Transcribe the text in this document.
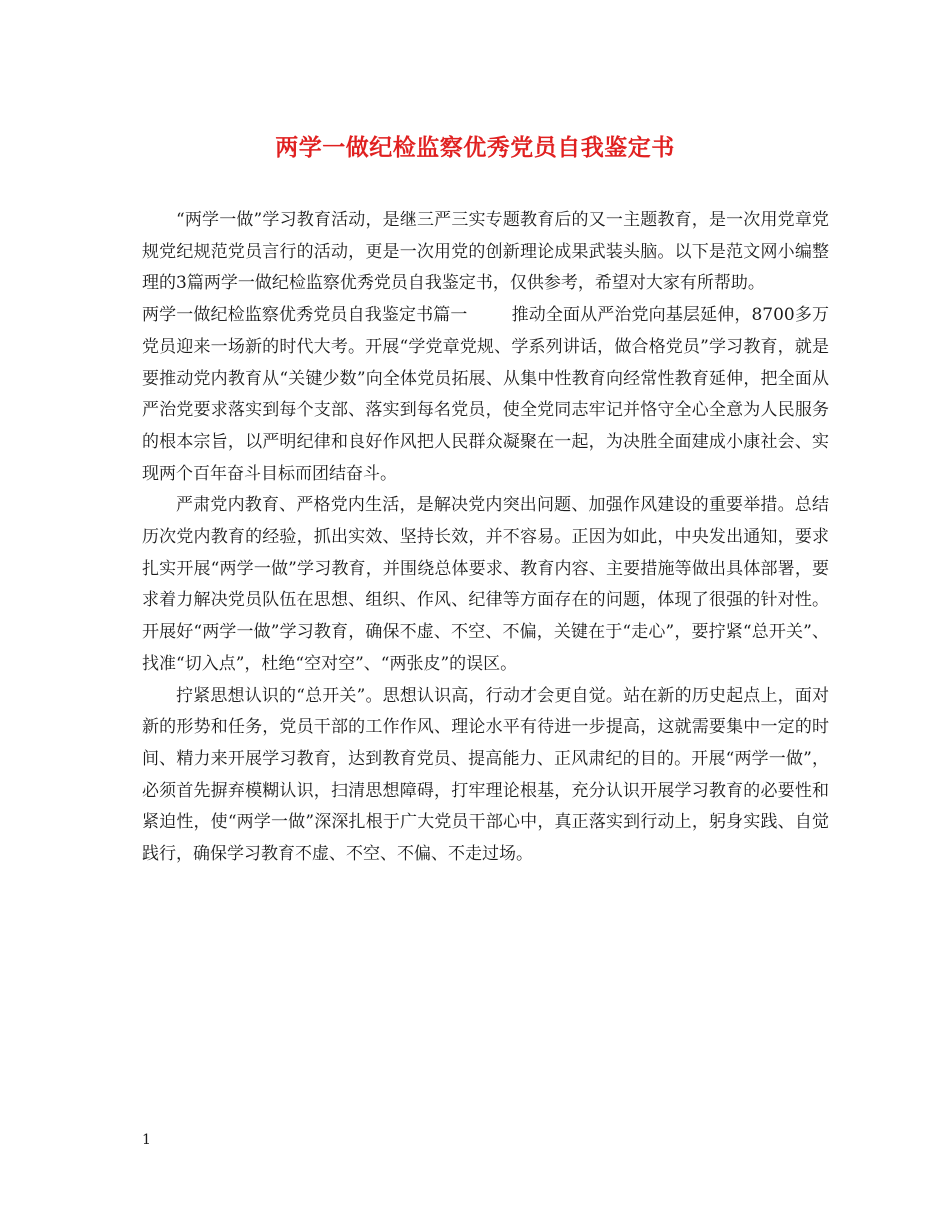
两学一做纪检监察优秀党员自我鉴定书

“两学一做”学习教育活动，是继三严三实专题教育后的又一主题教育，是一次用党章党规党纪规范党员言行的活动，更是一次用党的创新理论成果武装头脑。以下是范文网小编整理的3篇两学一做纪检监察优秀党员自我鉴定书，仅供参考，希望对大家有所帮助。

两学一做纪检监察优秀党员自我鉴定书篇一	推动全面从严治党向基层延伸，8700多万党员迎来一场新的时代大考。开展“学党章党规、学系列讲话，做合格党员”学习教育，就是要推动党内教育从“关键少数”向全体党员拓展、从集中性教育向经常性教育延伸，把全面从严治党要求落实到每个支部、落实到每名党员，使全党同志牢记并恪守全心全意为人民服务的根本宗旨，以严明纪律和良好作风把人民群众凝聚在一起，为决胜全面建成小康社会、实现两个百年奋斗目标而团结奋斗。

严肃党内教育、严格党内生活，是解决党内突出问题、加强作风建设的重要举措。总结历次党内教育的经验，抓出实效、坚持长效，并不容易。正因为如此，中央发出通知，要求扎实开展“两学一做”学习教育，并围绕总体要求、教育内容、主要措施等做出具体部署，要求着力解决党员队伍在思想、组织、作风、纪律等方面存在的问题，体现了很强的针对性。开展好“两学一做”学习教育，确保不虚、不空、不偏，关键在于“走心”，要拧紧“总开关”、找准“切入点”，杜绝“空对空”、“两张皮”的误区。

拧紧思想认识的“总开关”。思想认识高，行动才会更自觉。站在新的历史起点上，面对新的形势和任务，党员干部的工作作风、理论水平有待进一步提高，这就需要集中一定的时间、精力来开展学习教育，达到教育党员、提高能力、正风肃纪的目的。开展“两学一做”，必须首先摒弃模糊认识，扫清思想障碍，打牢理论根基，充分认识开展学习教育的必要性和紧迫性，使“两学一做”深深扎根于广大党员干部心中，真正落实到行动上，躬身实践、自觉践行，确保学习教育不虚、不空、不偏、不走过场。

1
